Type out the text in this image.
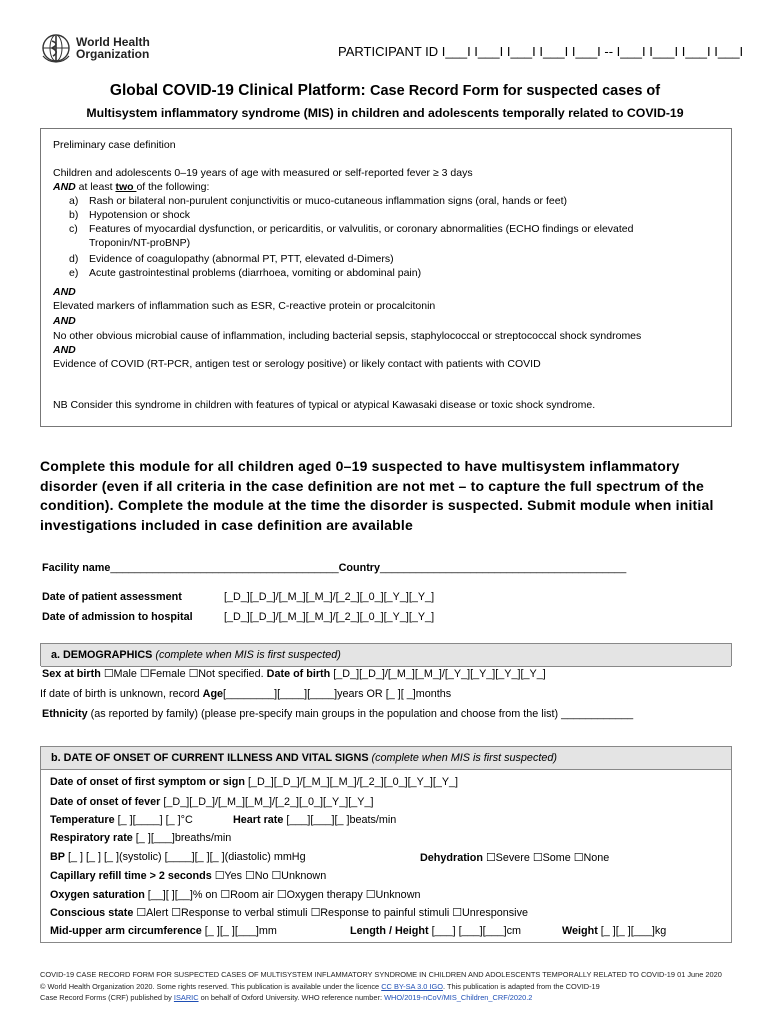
World Health
Organization	PARTICIPANT ID I___I I___I I___I I___I I___I -- I___I I___I I___I I___I
Global COVID-19 Clinical Platform: Case Record Form for suspected cases of
Multisystem inflammatory syndrome (MIS) in children and adolescents temporally related to COVID-19
Preliminary case definition
Children and adolescents 0–19 years of age with measured or self-reported fever ≥ 3 days
AND at least two of the following:
a) Rash or bilateral non-purulent conjunctivitis or muco-cutaneous inflammation signs (oral, hands or feet)
b) Hypotension or shock
c) Features of myocardial dysfunction, or pericarditis, or valvulitis, or coronary abnormalities (ECHO findings or elevated
Troponin/NT-proBNP)
d) Evidence of coagulopathy (abnormal PT, PTT, elevated d-Dimers)
e) Acute gastrointestinal problems (diarrhoea, vomiting or abdominal pain)
AND
Elevated markers of inflammation such as ESR, C-reactive protein or procalcitonin
AND
No other obvious microbial cause of inflammation, including bacterial sepsis, staphylococcal or streptococcal shock syndromes
AND
Evidence of COVID (RT-PCR, antigen test or serology positive) or likely contact with patients with COVID
NB Consider this syndrome in children with features of typical or atypical Kawasaki disease or toxic shock syndrome.
Complete this module for all children aged 0–19 suspected to have multisystem inflammatory disorder (even if all criteria in the case definition are not met – to capture the full spectrum of the condition). Complete the module at the time the disorder is suspected. Submit module when initial investigations included in case definition are available
Facility name______________________________________Country_________________________________________
Date of patient assessment	[_D_][_D_]/[_M_][_M_]/[_2_][_0_][_Y_][_Y_]
Date of admission to hospital	[_D_][_D_]/[_M_][_M_]/[_2_][_0_][_Y_][_Y_]
a. DEMOGRAPHICS (complete when MIS is first suspected)
Sex at birth ☐Male ☐Female ☐Not specified. Date of birth [_D_][_D_]/[_M_][_M_]/[_Y_][_Y_][_Y_][_Y_]
If date of birth is unknown, record Age[________][____][____]years OR [_ ][ _]months
Ethnicity (as reported by family) (please pre-specify main groups in the population and choose from the list) ____________
b. DATE OF ONSET OF CURRENT ILLNESS AND VITAL SIGNS (complete when MIS is first suspected)
Date of onset of first symptom or sign [_D_][_D_]/[_M_][_M_]/[_2_][_0_][_Y_][_Y_]
Date of onset of fever [_D_][_D_]/[_M_][_M_]/[_2_][_0_][_Y_][_Y_]
Temperature [_ ][____] [_ ]°C	Heart rate [___][___][_ ]beats/min
Respiratory rate [_ ][___]breaths/min
BP [_ ] [_ ] [_ ](systolic) [____][_ ][_ ](diastolic) mmHg	Dehydration ☐Severe ☐Some ☐None
Capillary refill time > 2 seconds ☐Yes ☐No ☐Unknown
Oxygen saturation [__][ ][__]% on ☐Room air ☐Oxygen therapy ☐Unknown
Conscious state ☐Alert ☐Response to verbal stimuli ☐Response to painful stimuli ☐Unresponsive
Mid-upper arm circumference [_ ][_ ][___]mm	Length / Height [___] [___][___]cm	Weight [_ ][_ ][___]kg
COVID-19 CASE RECORD FORM FOR SUSPECTED CASES OF MULTISYSTEM INFLAMMATORY SYNDROME IN CHILDREN AND ADOLESCENTS TEMPORALLY RELATED TO COVID-19 01 June 2020
© World Health Organization 2020. Some rights reserved. This publication is available under the licence CC BY-SA 3.0 IGO. This publication is adapted from the COVID-19
Case Record Forms (CRF) published by ISARIC on behalf of Oxford University. WHO reference number: WHO/2019-nCoV/MIS_Children_CRF/2020.2
